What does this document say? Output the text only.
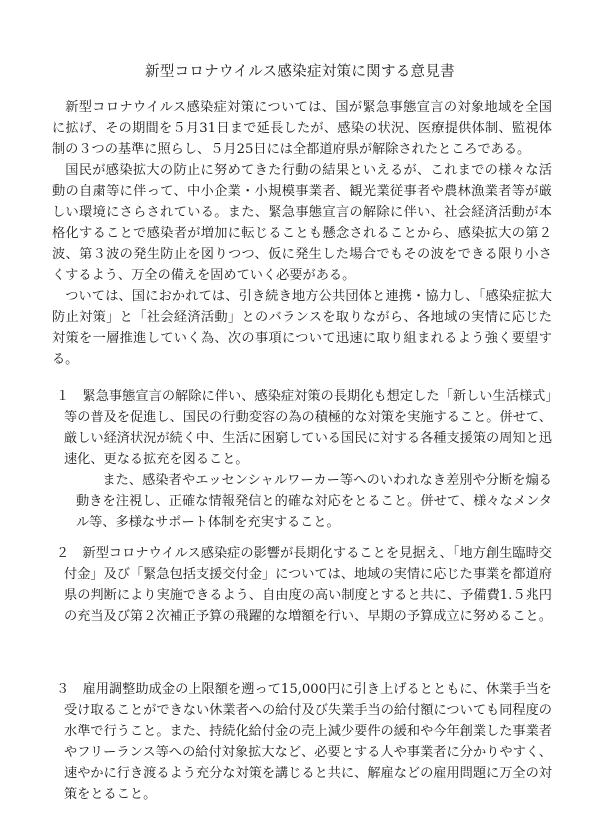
新型コロナウイルス感染症対策に関する意見書

新型コロナウイルス感染症対策については、国が緊急事態宣言の対象地域を全国に拡げ、その期間を５月31日まで延長したが、感染の状況、医療提供体制、監視体制の３つの基準に照らし、５月25日には全都道府県が解除されたところである。

国民が感染拡大の防止に努めてきた行動の結果といえるが、これまでの様々な活動の自粛等に伴って、中小企業・小規模事業者、観光業従事者や農林漁業者等が厳しい環境にさらされている。また、緊急事態宣言の解除に伴い、社会経済活動が本格化することで感染者が増加に転じることも懸念されることから、感染拡大の第２波、第３波の発生防止を図りつつ、仮に発生した場合でもその波をできる限り小さくするよう、万全の備えを固めていく必要がある。

ついては、国におかれては、引き続き地方公共団体と連携・協力し、「感染症拡大防止対策」と「社会経済活動」とのバランスを取りながら、各地域の実情に応じた対策を一層推進していく為、次の事項について迅速に取り組まれるよう強く要望する。

１	緊急事態宣言の解除に伴い、感染症対策の長期化も想定した「新しい生活様式」等の普及を促進し、国民の行動変容の為の積極的な対策を実施すること。併せて、厳しい経済状況が続く中、生活に困窮している国民に対する各種支援策の周知と迅速化、更なる拡充を図ること。

また、感染者やエッセンシャルワーカー等へのいわれなき差別や分断を煽る動きを注視し、正確な情報発信と的確な対応をとること。併せて、様々なメンタル等、多様なサポート体制を充実すること。

２	新型コロナウイルス感染症の影響が長期化することを見据え、「地方創生臨時交付金」及び「緊急包括支援交付金」については、地域の実情に応じた事業を都道府県の判断により実施できるよう、自由度の高い制度とすると共に、予備費1.５兆円の充当及び第２次補正予算の飛躍的な増額を行い、早期の予算成立に努めること。

３	雇用調整助成金の上限額を遡って15,000円に引き上げるとともに、休業手当を受け取ることができない休業者への給付及び失業手当の給付額についても同程度の水準で行うこと。また、持続化給付金の売上減少要件の緩和や今年創業した事業者やフリーランス等への給付対象拡大など、必要とする人や事業者に分かりやすく、速やかに行き渡るよう充分な対策を講じると共に、解雇などの雇用問題に万全の対策をとること。
